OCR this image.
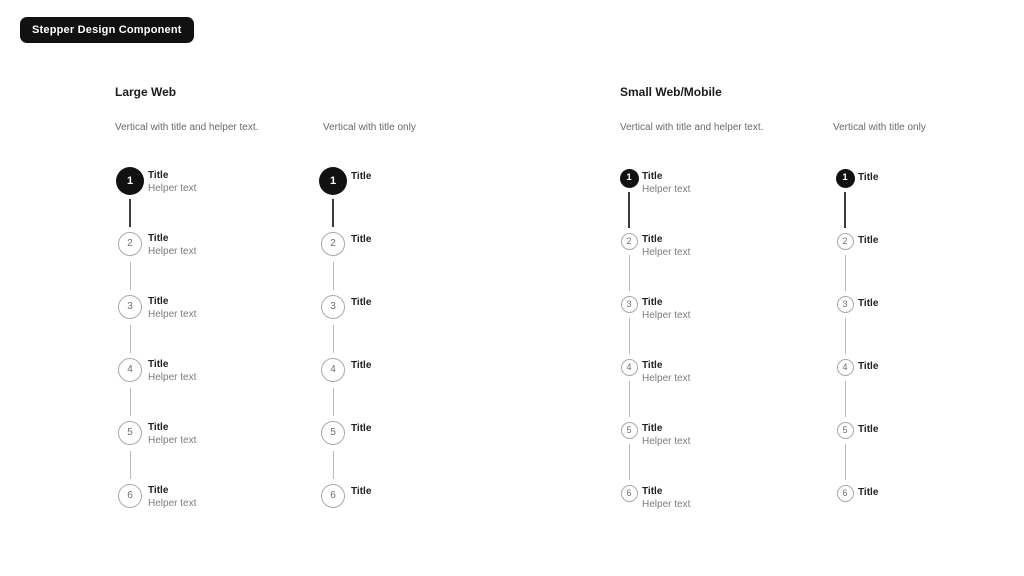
Stepper Design Component
Large Web	Small Web/Mobile
Vertical with title and helper text.	Vertical with title only	Vertical with title and helper text.	Vertical with title only
1	Title
Helper text
2	Title
Helper text
3	Title
Helper text
4	Title
Helper text
5	Title
Helper text
6	Title
Helper text
1	Title
2	Title
3	Title
4	Title
5	Title
6	Title
1	Title
Helper text
2	Title
Helper text
3	Title
Helper text
4	Title
Helper text
5	Title
Helper text
6	Title
Helper text
1	Title
2	Title
3	Title
4	Title
5	Title
6	Title
